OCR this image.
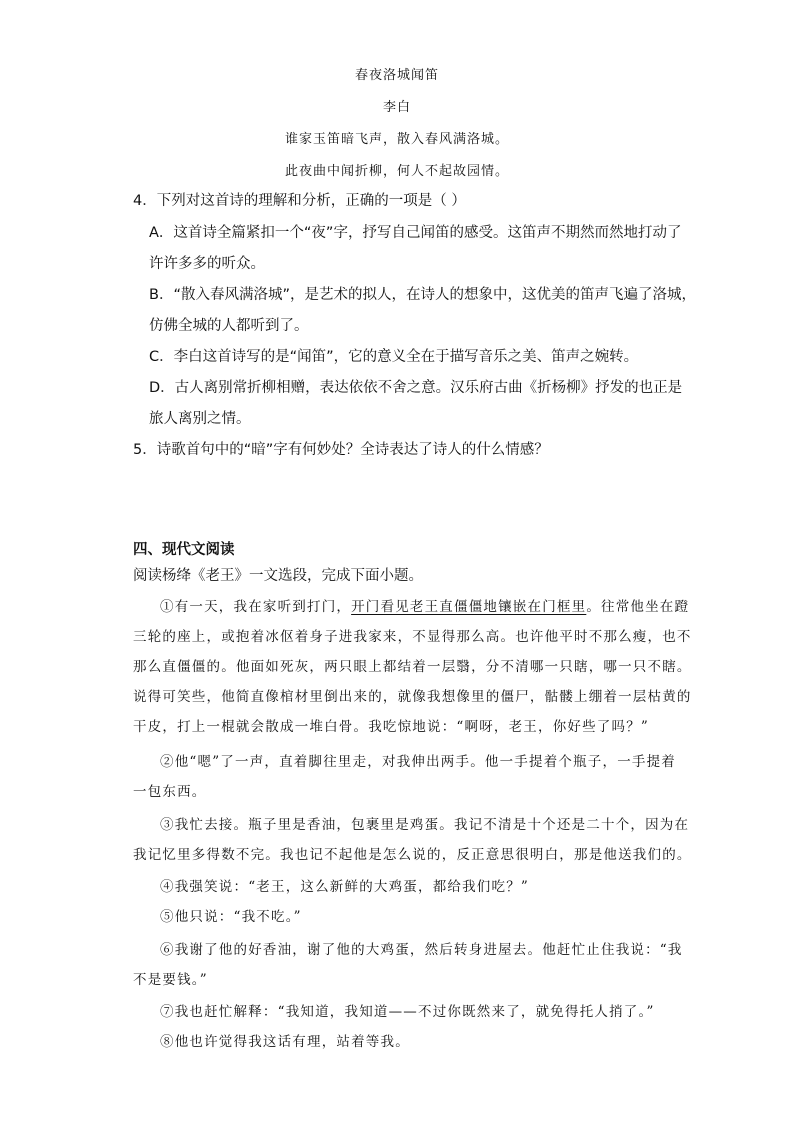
春夜洛城闻笛
李白
谁家玉笛暗飞声，散入春风满洛城。
此夜曲中闻折柳，何人不起故园情。
4．下列对这首诗的理解和分析，正确的一项是（ ）
A．这首诗全篇紧扣一个“夜”字，抒写自己闻笛的感受。这笛声不期然而然地打动了
许许多多的听众。
B．“散入春风满洛城”，是艺术的拟人，在诗人的想象中，这优美的笛声飞遍了洛城，
仿佛全城的人都听到了。
C．李白这首诗写的是“闻笛”，它的意义全在于描写音乐之美、笛声之婉转。
D．古人离别常折柳相赠，表达依依不舍之意。汉乐府古曲《折杨柳》抒发的也正是
旅人离别之情。
5．诗歌首句中的“暗”字有何妙处？全诗表达了诗人的什么情感？
四、现代文阅读
阅读杨绛《老王》一文选段，完成下面小题。
①有一天，我在家听到打门，开门看见老王直僵僵地镶嵌在门框里。往常他坐在蹬
三轮的座上，或抱着冰伛着身子进我家来，不显得那么高。也许他平时不那么瘦，也不
那么直僵僵的。他面如死灰，两只眼上都结着一层翳，分不清哪一只瞎，哪一只不瞎。
说得可笑些，他简直像棺材里倒出来的，就像我想像里的僵尸，骷髅上绷着一层枯黄的
干皮，打上一棍就会散成一堆白骨。我吃惊地说：“啊呀，老王，你好些了吗？”
②他“嗯”了一声，直着脚往里走，对我伸出两手。他一手提着个瓶子，一手提着
一包东西。
③我忙去接。瓶子里是香油，包裹里是鸡蛋。我记不清是十个还是二十个，因为在
我记忆里多得数不完。我也记不起他是怎么说的，反正意思很明白，那是他送我们的。
④我强笑说：“老王，这么新鲜的大鸡蛋，都给我们吃？”
⑤他只说：“我不吃。”
⑥我谢了他的好香油，谢了他的大鸡蛋，然后转身进屋去。他赶忙止住我说：“我
不是要钱。”
⑦我也赶忙解释：“我知道，我知道——不过你既然来了，就免得托人捎了。”
⑧他也许觉得我这话有理，站着等我。
